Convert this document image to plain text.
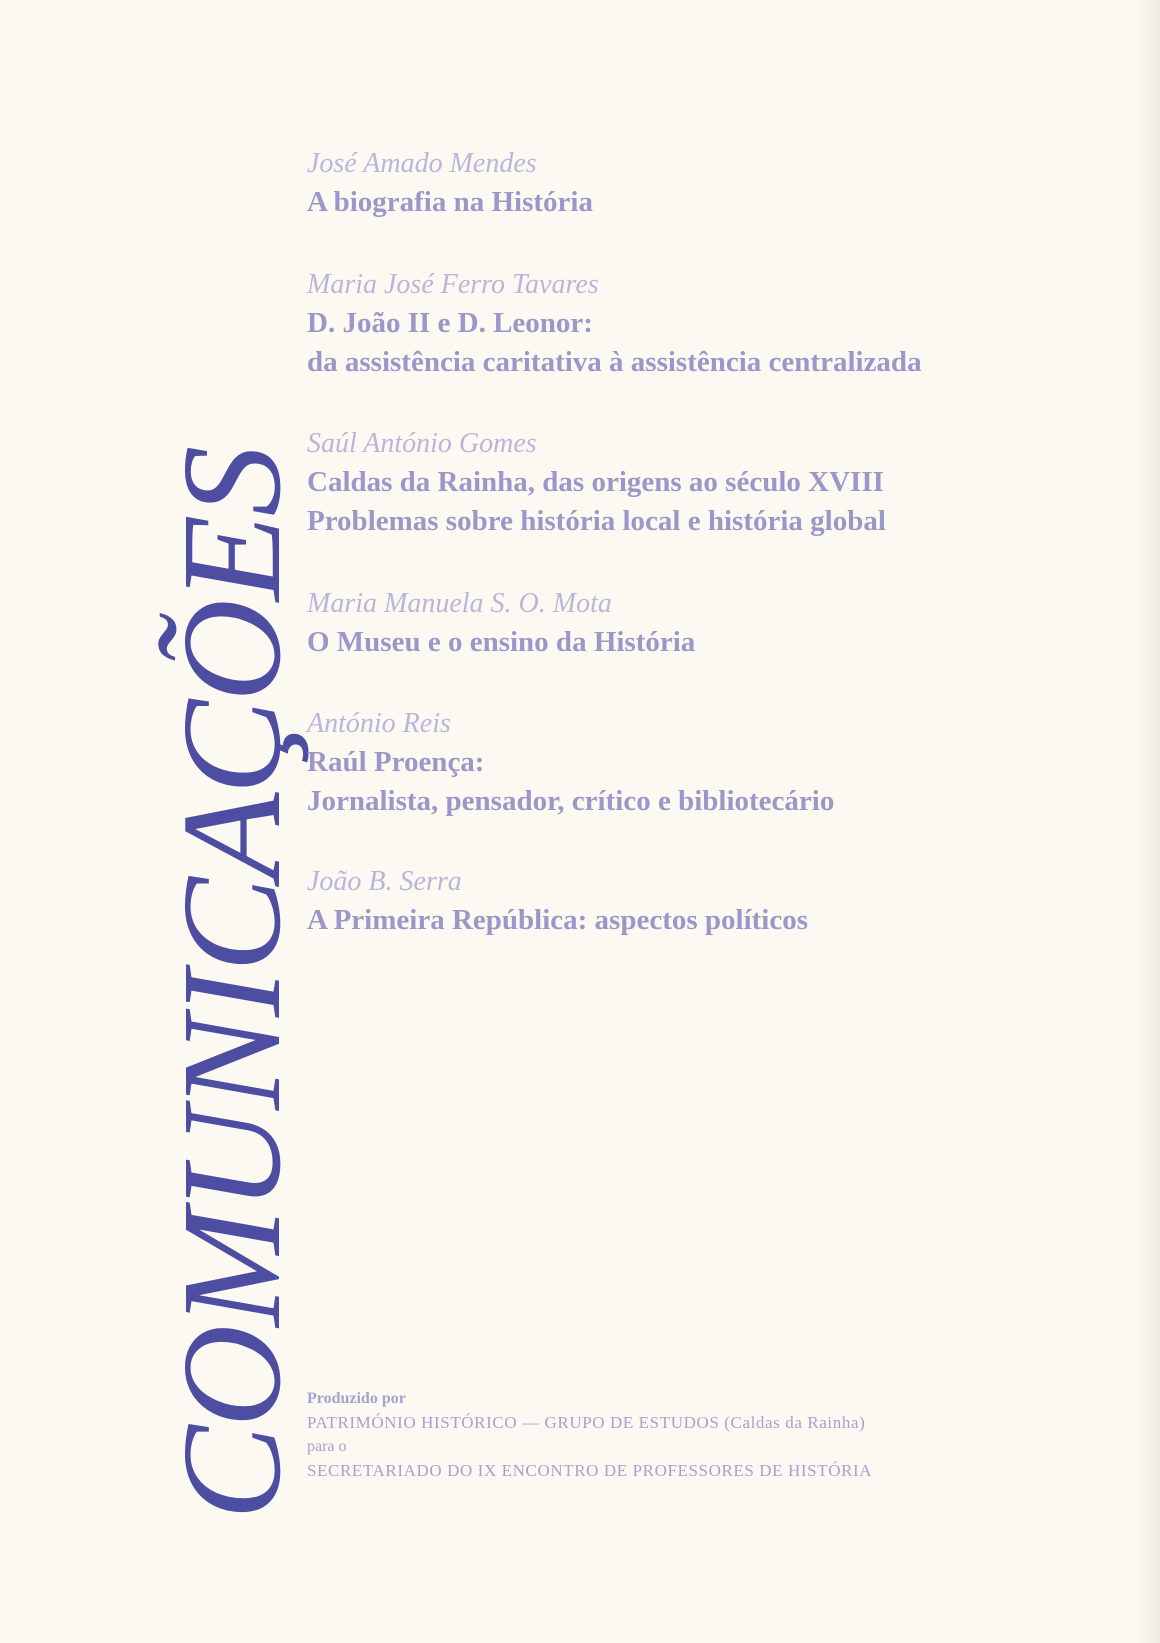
COMUNICAÇÕES
José Amado Mendes
A biografia na História
Maria José Ferro Tavares
D. João II e D. Leonor:
da assistência caritativa à assistência centralizada
Saúl António Gomes
Caldas da Rainha, das origens ao século XVIII
Problemas sobre história local e história global
Maria Manuela S. O. Mota
O Museu e o ensino da História
António Reis
Raúl Proença:
Jornalista, pensador, crítico e bibliotecário
João B. Serra
A Primeira República: aspectos políticos
Produzido por
PATRIMÓNIO HISTÓRICO — GRUPO DE ESTUDOS (Caldas da Rainha)
para o
SECRETARIADO DO IX ENCONTRO DE PROFESSORES DE HISTÓRIA
